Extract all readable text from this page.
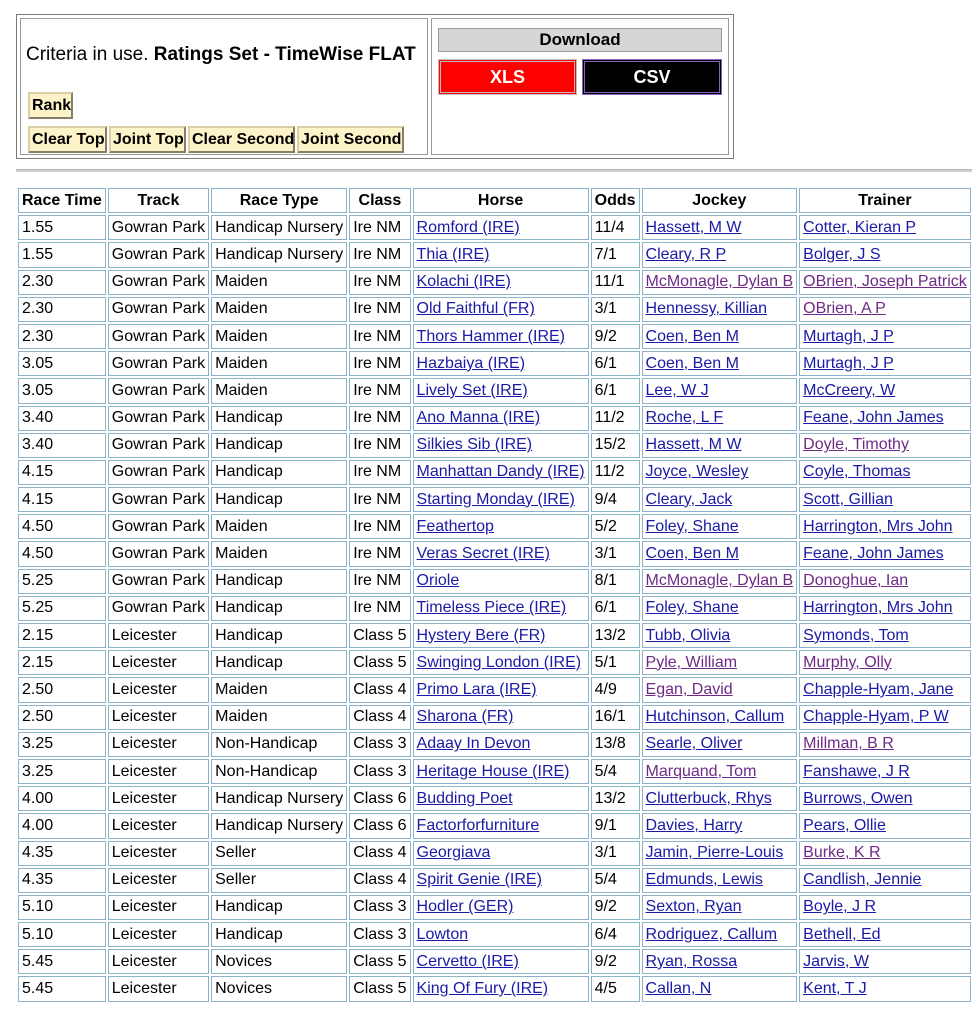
Criteria in use. Ratings Set - TimeWise FLAT
Rank
Clear Top Joint Top Clear Second Joint Second
Download
XLS	CSV
Race Time	Track	Race Type	Class	Horse	Odds	Jockey	Trainer
1.55	Gowran Park	Handicap Nursery	Ire NM	Romford (IRE)	11/4	Hassett, M W	Cotter, Kieran P
1.55	Gowran Park	Handicap Nursery	Ire NM	Thia (IRE)	7/1	Cleary, R P	Bolger, J S
2.30	Gowran Park	Maiden	Ire NM	Kolachi (IRE)	11/1	McMonagle, Dylan B	OBrien, Joseph Patrick
2.30	Gowran Park	Maiden	Ire NM	Old Faithful (FR)	3/1	Hennessy, Killian	OBrien, A P
2.30	Gowran Park	Maiden	Ire NM	Thors Hammer (IRE)	9/2	Coen, Ben M	Murtagh, J P
3.05	Gowran Park	Maiden	Ire NM	Hazbaiya (IRE)	6/1	Coen, Ben M	Murtagh, J P
3.05	Gowran Park	Maiden	Ire NM	Lively Set (IRE)	6/1	Lee, W J	McCreery, W
3.40	Gowran Park	Handicap	Ire NM	Ano Manna (IRE)	11/2	Roche, L F	Feane, John James
3.40	Gowran Park	Handicap	Ire NM	Silkies Sib (IRE)	15/2	Hassett, M W	Doyle, Timothy
4.15	Gowran Park	Handicap	Ire NM	Manhattan Dandy (IRE)	11/2	Joyce, Wesley	Coyle, Thomas
4.15	Gowran Park	Handicap	Ire NM	Starting Monday (IRE)	9/4	Cleary, Jack	Scott, Gillian
4.50	Gowran Park	Maiden	Ire NM	Feathertop	5/2	Foley, Shane	Harrington, Mrs John
4.50	Gowran Park	Maiden	Ire NM	Veras Secret (IRE)	3/1	Coen, Ben M	Feane, John James
5.25	Gowran Park	Handicap	Ire NM	Oriole	8/1	McMonagle, Dylan B	Donoghue, Ian
5.25	Gowran Park	Handicap	Ire NM	Timeless Piece (IRE)	6/1	Foley, Shane	Harrington, Mrs John
2.15	Leicester	Handicap	Class 5	Hystery Bere (FR)	13/2	Tubb, Olivia	Symonds, Tom
2.15	Leicester	Handicap	Class 5	Swinging London (IRE)	5/1	Pyle, William	Murphy, Olly
2.50	Leicester	Maiden	Class 4	Primo Lara (IRE)	4/9	Egan, David	Chapple-Hyam, Jane
2.50	Leicester	Maiden	Class 4	Sharona (FR)	16/1	Hutchinson, Callum	Chapple-Hyam, P W
3.25	Leicester	Non-Handicap	Class 3	Adaay In Devon	13/8	Searle, Oliver	Millman, B R
3.25	Leicester	Non-Handicap	Class 3	Heritage House (IRE)	5/4	Marquand, Tom	Fanshawe, J R
4.00	Leicester	Handicap Nursery	Class 6	Budding Poet	13/2	Clutterbuck, Rhys	Burrows, Owen
4.00	Leicester	Handicap Nursery	Class 6	Factorforfurniture	9/1	Davies, Harry	Pears, Ollie
4.35	Leicester	Seller	Class 4	Georgiava	3/1	Jamin, Pierre-Louis	Burke, K R
4.35	Leicester	Seller	Class 4	Spirit Genie (IRE)	5/4	Edmunds, Lewis	Candlish, Jennie
5.10	Leicester	Handicap	Class 3	Hodler (GER)	9/2	Sexton, Ryan	Boyle, J R
5.10	Leicester	Handicap	Class 3	Lowton	6/4	Rodriguez, Callum	Bethell, Ed
5.45	Leicester	Novices	Class 5	Cervetto (IRE)	9/2	Ryan, Rossa	Jarvis, W
5.45	Leicester	Novices	Class 5	King Of Fury (IRE)	4/5	Callan, N	Kent, T J
